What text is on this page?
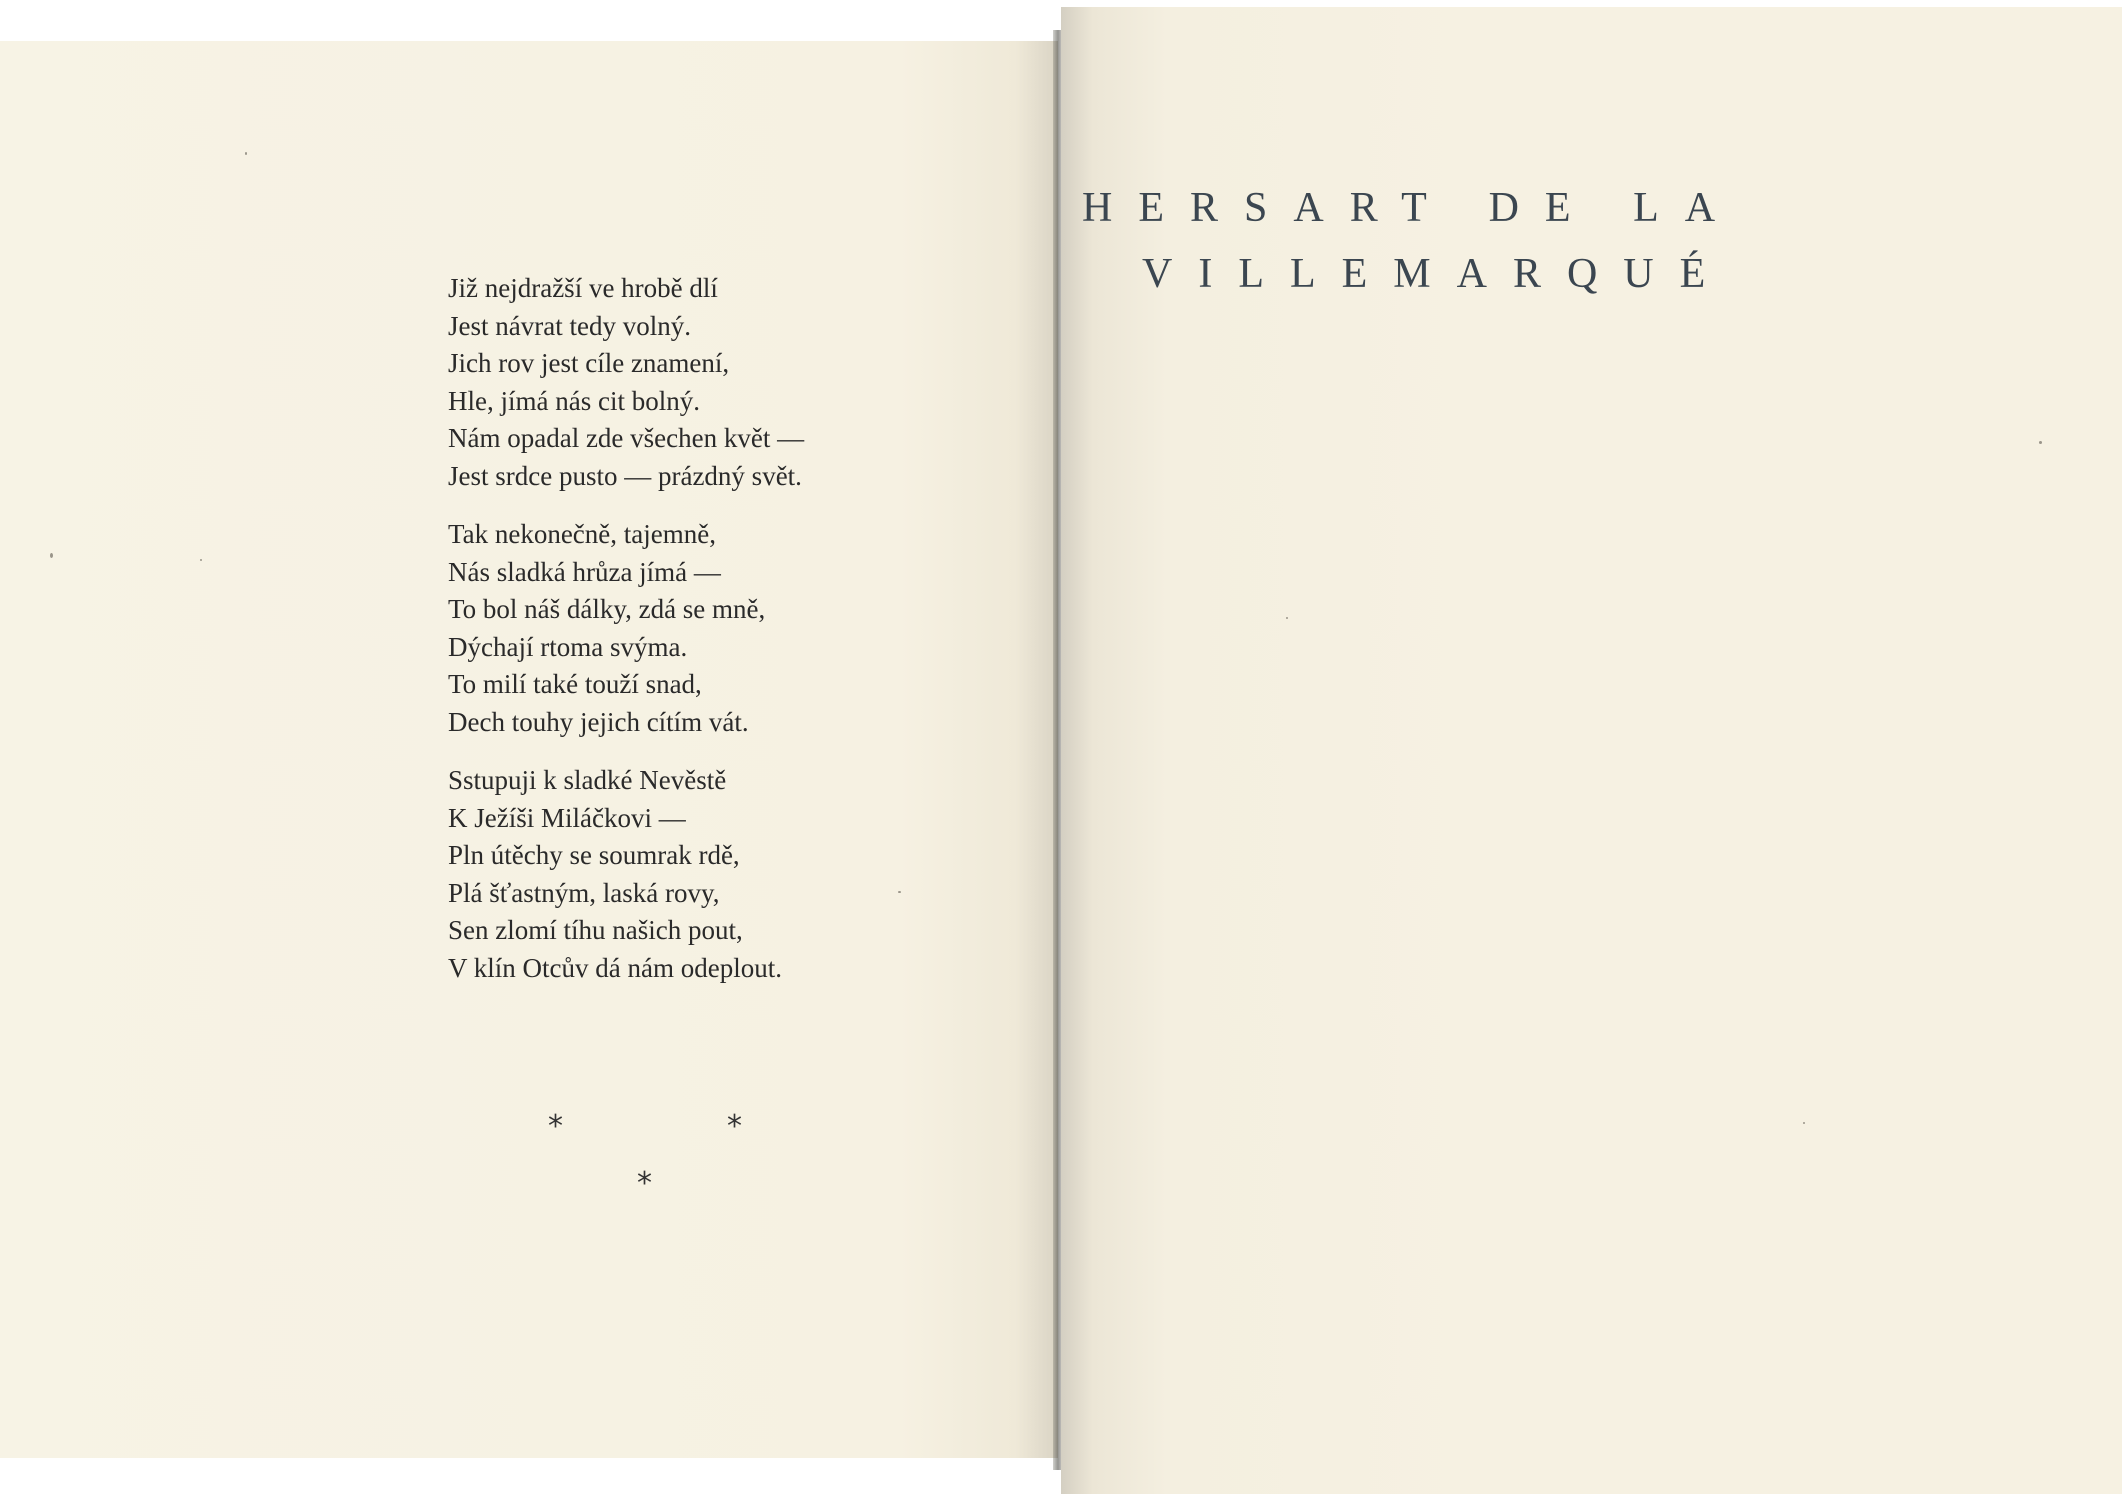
Již nejdražší ve hrobě dlí
Jest návrat tedy volný.
Jich rov jest cíle znamení,
Hle, jímá nás cit bolný.
Nám opadal zde všechen květ —
Jest srdce pusto — prázdný svět.
Tak nekonečně, tajemně,
Nás sladká hrůza jímá —
To bol náš dálky, zdá se mně,
Dýchají rtoma svýma.
To milí také touží snad,
Dech touhy jejich cítím vát.
Sstupuji k sladké Nevěstě
K Ježíši Miláčkovi —
Pln útěchy se soumrak rdě,
Plá šťastným, laská rovy,
Sen zlomí tíhu našich pout,
V klín Otcův dá nám odeplout.
*	*
*
HERSART DE LA
VILLEMARQUÉ
